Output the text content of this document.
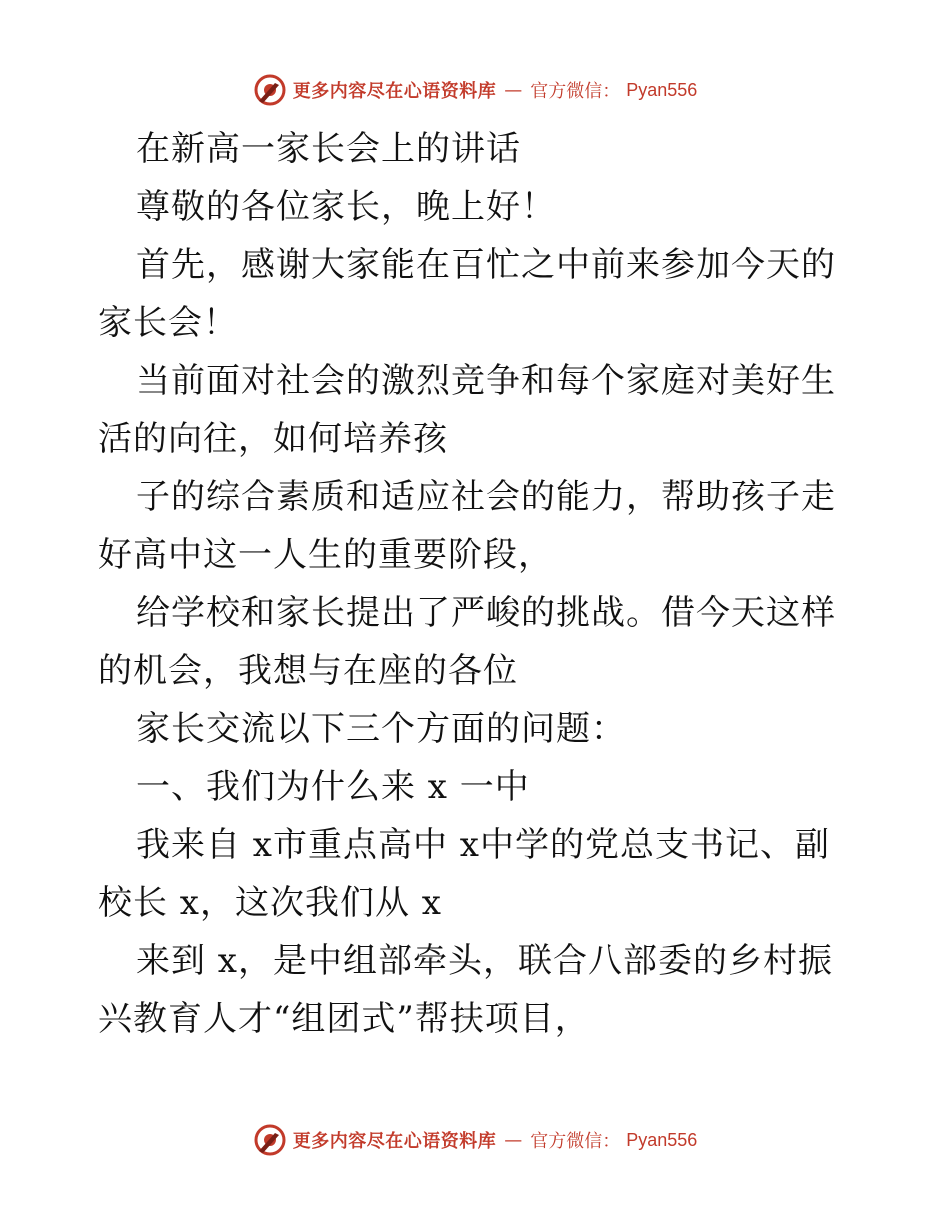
更多内容尽在心语资料库 — 官方微信： Pyan556

在新高一家长会上的讲话

尊敬的各位家长，晚上好！

首先，感谢大家能在百忙之中前来参加今天的家长会！

当前面对社会的激烈竞争和每个家庭对美好生活的向往，如何培养孩

子的综合素质和适应社会的能力，帮助孩子走好高中这一人生的重要阶段，

给学校和家长提出了严峻的挑战。借今天这样的机会，我想与在座的各位

家长交流以下三个方面的问题：

一、我们为什么来 x 一中

我来自 x市重点高中 x中学的党总支书记、副校长 x，这次我们从 x

来到 x，是中组部牵头，联合八部委的乡村振兴教育人才“组团式”帮扶项目，

更多内容尽在心语资料库 — 官方微信： Pyan556
